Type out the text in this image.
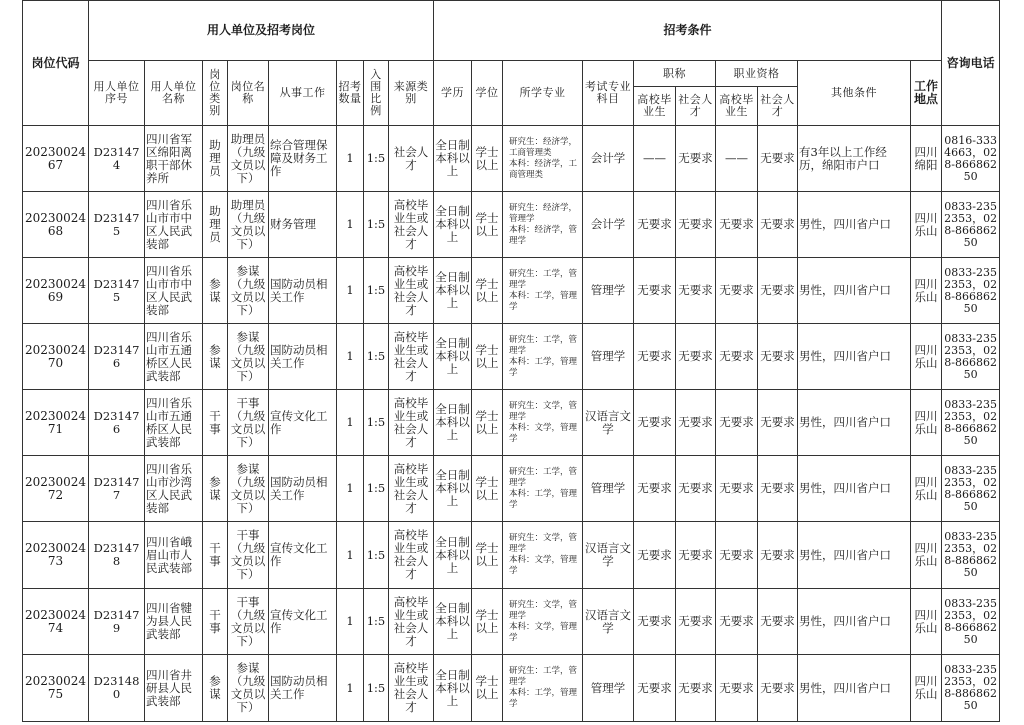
岗位代码	用人单位及招考岗位								招考条件										咨询电话
	用人单位序号	用人单位名称	岗位类别	岗位名称	从事工作	招考数量	入围比例	来源类别	学历	学位	所学专业	考试专业科目	职称		职业资格		其他条件	工作地点	
													高校毕业生	社会人才	高校毕业生	社会人才			
2023002467	D231474	四川省军区绵阳离职干部休养所	助理员	助理员（九级文员以下）	综合管理保障及财务工作	1	1:5	社会人才	全日制本科以上	学士以上	研究生：经济学，工商管理类
本科：经济学，工商管理类	会计学	——	无要求	——	无要求	有3年以上工作经历，绵阳市户口	四川绵阳	0816-3334663，028-86686250
2023002468	D231475	四川省乐山市市中区人民武装部	助理员	助理员（九级文员以下）	财务管理	1	1:5	高校毕业生或社会人才	全日制本科以上	学士以上	研究生：经济学，管理学
本科：经济学，管理学	会计学	无要求	无要求	无要求	无要求	男性，四川省户口	四川乐山	0833-2352353，028-86686250
2023002469	D231475	四川省乐山市市中区人民武装部	参谋	参谋（九级文员以下）	国防动员相关工作	1	1:5	高校毕业生或社会人才	全日制本科以上	学士以上	研究生：工学，管理学
本科：工学，管理学	管理学	无要求	无要求	无要求	无要求	男性，四川省户口	四川乐山	0833-2352353，028-86686250
2023002470	D231476	四川省乐山市五通桥区人民武装部	参谋	参谋（九级文员以下）	国防动员相关工作	1	1:5	高校毕业生或社会人才	全日制本科以上	学士以上	研究生：工学，管理学
本科：工学，管理学	管理学	无要求	无要求	无要求	无要求	男性，四川省户口	四川乐山	0833-2352353，028-86686250
2023002471	D231476	四川省乐山市五通桥区人民武装部	干事	干事（九级文员以下）	宣传文化工作	1	1:5	高校毕业生或社会人才	全日制本科以上	学士以上	研究生：文学，管理学
本科：文学，管理学	汉语言文学	无要求	无要求	无要求	无要求	男性，四川省户口	四川乐山	0833-2352353，028-86686250
2023002472	D231477	四川省乐山市沙湾区人民武装部	参谋	参谋（九级文员以下）	国防动员相关工作	1	1:5	高校毕业生或社会人才	全日制本科以上	学士以上	研究生：工学，管理学
本科：工学，管理学	管理学	无要求	无要求	无要求	无要求	男性，四川省户口	四川乐山	0833-2352353，028-86686250
2023002473	D231478	四川省峨眉山市人民武装部	干事	干事（九级文员以下）	宣传文化工作	1	1:5	高校毕业生或社会人才	全日制本科以上	学士以上	研究生：文学，管理学
本科：文学，管理学	汉语言文学	无要求	无要求	无要求	无要求	男性，四川省户口	四川乐山	0833-2352353，028-88686250
2023002474	D231479	四川省犍为县人民武装部	干事	干事（九级文员以下）	宣传文化工作	1	1:5	高校毕业生或社会人才	全日制本科以上	学士以上	研究生：文学，管理学
本科：文学，管理学	汉语言文学	无要求	无要求	无要求	无要求	男性，四川省户口	四川乐山	0833-2352353，028-86686250
2023002475	D231480	四川省井研县人民武装部	参谋	参谋（九级文员以下）	国防动员相关工作	1	1:5	高校毕业生或社会人才	全日制本科以上	学士以上	研究生：工学，管理学
本科：工学，管理学	管理学	无要求	无要求	无要求	无要求	男性，四川省户口	四川乐山	0833-2352353，028-88686250
